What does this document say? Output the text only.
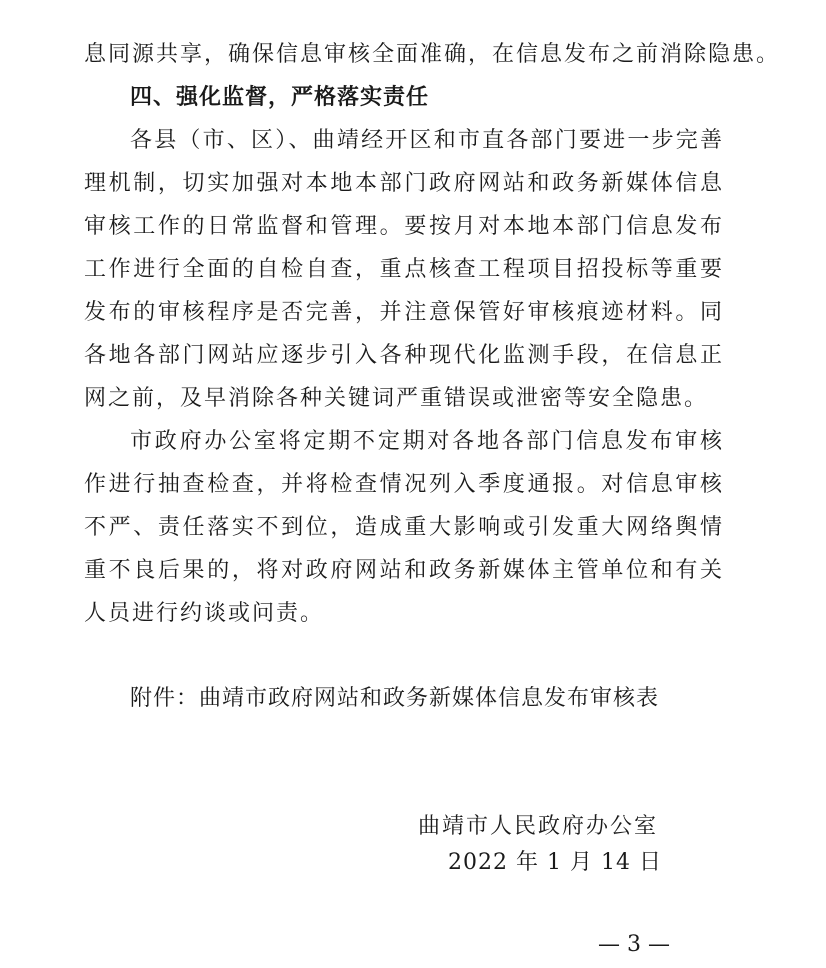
息同源共享，确保信息审核全面准确，在信息发布之前消除隐患。
四、强化监督，严格落实责任
各县（市、区）、曲靖经开区和市直各部门要进一步完善
理机制，切实加强对本地本部门政府网站和政务新媒体信息
审核工作的日常监督和管理。要按月对本地本部门信息发布
工作进行全面的自检自查，重点核查工程项目招投标等重要
发布的审核程序是否完善，并注意保管好审核痕迹材料。同
各地各部门网站应逐步引入各种现代化监测手段，在信息正
网之前，及早消除各种关键词严重错误或泄密等安全隐患。
市政府办公室将定期不定期对各地各部门信息发布审核
作进行抽查检查，并将检查情况列入季度通报。对信息审核
不严、责任落实不到位，造成重大影响或引发重大网络舆情
重不良后果的，将对政府网站和政务新媒体主管单位和有关
人员进行约谈或问责。
附件：曲靖市政府网站和政务新媒体信息发布审核表
曲靖市人民政府办公室
2022 年 1 月 14 日
— 3 —
